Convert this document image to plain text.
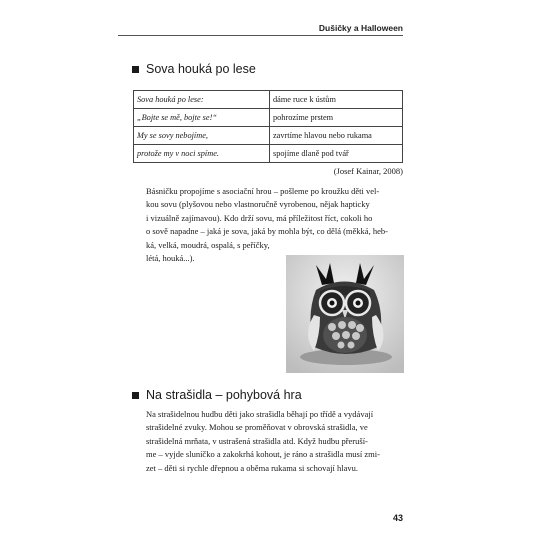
Dušičky a Halloween
Sova houká po lese
Sova houká po lese:	dáme ruce k ústům
„Bojte se mě, bojte se!“	pohrozíme prstem
My se sovy nebojíme,	zavrtíme hlavou nebo rukama
protože my v noci spíme.	spojíme dlaně pod tvář
(Josef Kainar, 2008)
Básničku propojíme s asociační hrou – pošleme po kroužku děti vel-
kou sovu (plyšovou nebo vlastnoručně vyrobenou, nějak hapticky
i vizuálně zajímavou). Kdo drží sovu, má příležitost říct, cokoli ho
o sově napadne – jaká je sova, jaká by mohla být, co dělá (měkká, heb-
ká, velká, moudrá, ospalá, s peříčky,
létá, houká...).
Na strašidla – pohybová hra
Na strašidelnou hudbu děti jako strašidla běhají po třídě a vydávají
strašidelné zvuky. Mohou se proměňovat v obrovská strašidla, ve
strašidelná mrňata, v ustrašená strašidla atd. Když hudbu přeruší-
me – vyjde sluníčko a zakokrhá kohout, je ráno a strašidla musí zmi-
zet – děti si rychle dřepnou a oběma rukama si schovají hlavu.
43
